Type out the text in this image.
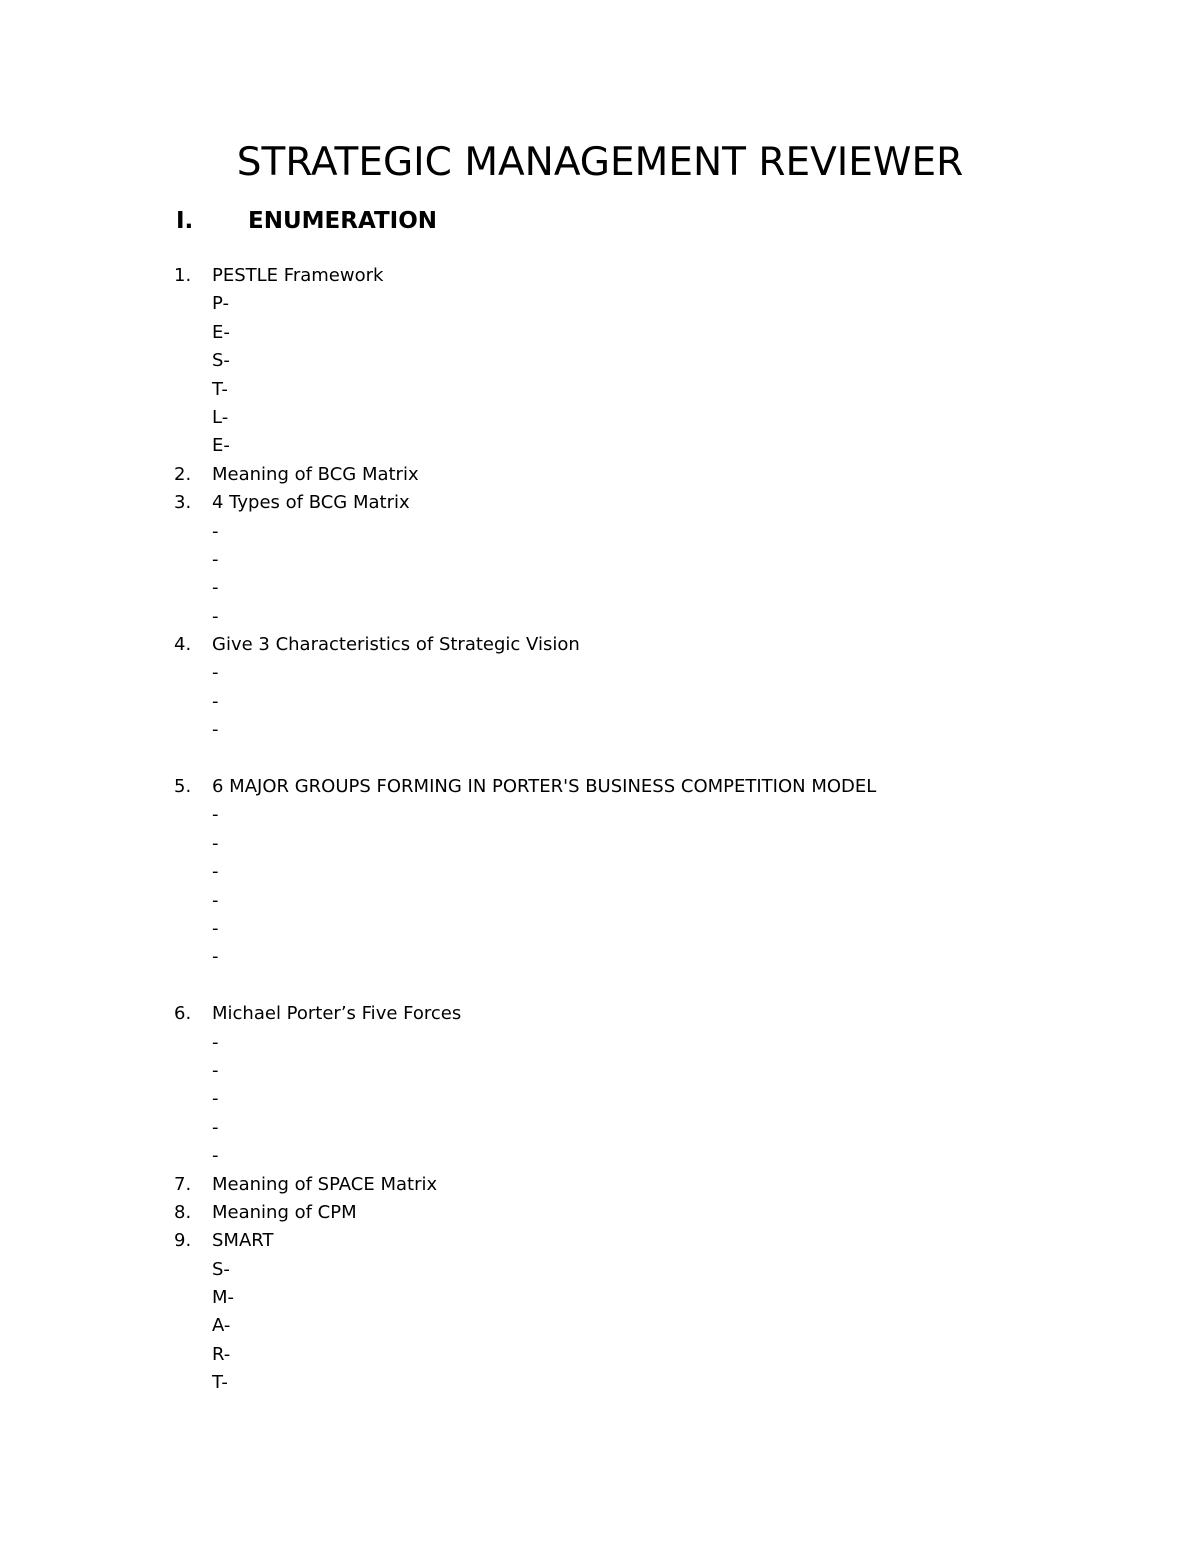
STRATEGIC MANAGEMENT REVIEWER
I. ENUMERATION
1.	PESTLE Framework
P-
E-
S-
T-
L-
E-
2.	Meaning of BCG Matrix
3.	4 Types of BCG Matrix
-
-
-
-
4.	Give 3 Characteristics of Strategic Vision
-
-
-
5.	6 MAJOR GROUPS FORMING IN PORTER'S BUSINESS COMPETITION MODEL
-
-
-
-
-
-
6.	Michael Porter’s Five Forces
-
-
-
-
-
7.	Meaning of SPACE Matrix
8.	Meaning of CPM
9.	SMART
S-
M-
A-
R-
T-
